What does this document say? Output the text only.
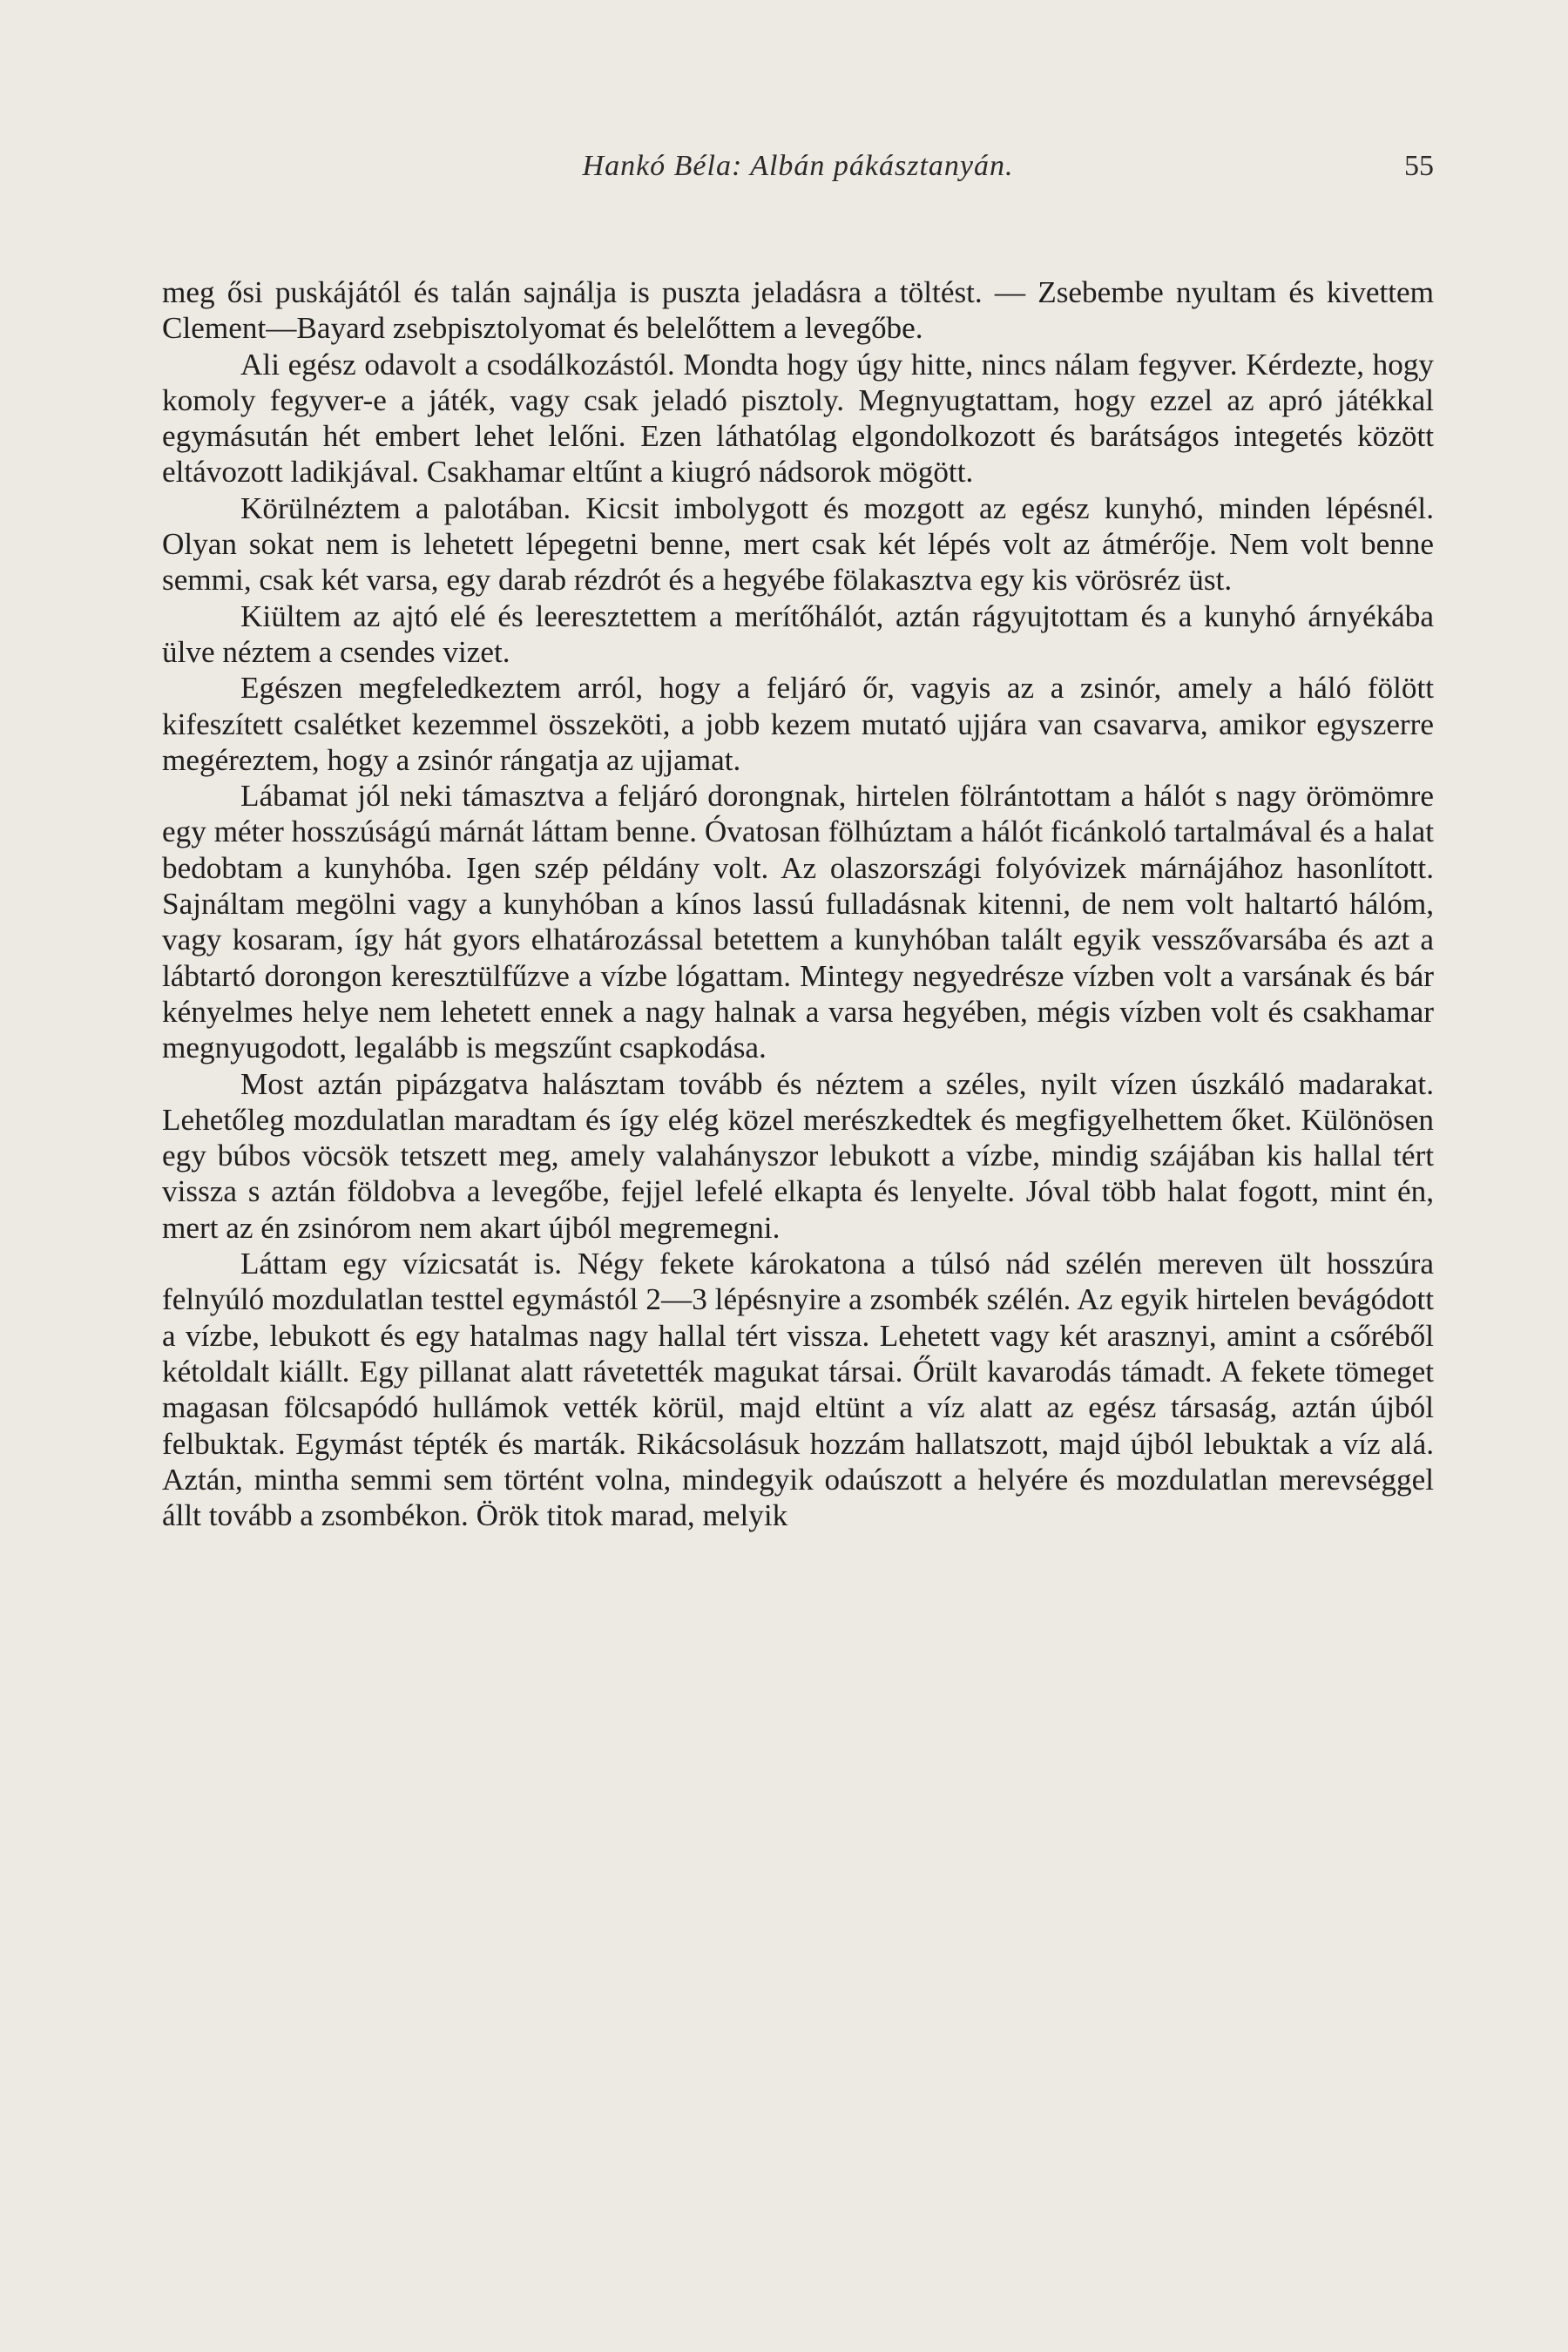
Hankó Béla: Albán pákásztanyán.	55

meg ősi puskájától és talán sajnálja is puszta jeladásra a töltést. — Zsebembe nyultam és kivettem Clement—Bayard zsebpisztolyomat és belelőttem a levegőbe.

Ali egész odavolt a csodálkozástól. Mondta hogy úgy hitte, nincs nálam fegyver. Kérdezte, hogy komoly fegyver-e a játék, vagy csak jeladó pisztoly. Megnyugtattam, hogy ezzel az apró játékkal egymásután hét embert lehet lelőni. Ezen láthatólag elgondolkozott és barátságos integetés között eltávozott ladikjával. Csakhamar eltűnt a kiugró nádsorok mögött.

Körülnéztem a palotában. Kicsit imbolygott és mozgott az egész kunyhó, minden lépésnél. Olyan sokat nem is lehetett lépegetni benne, mert csak két lépés volt az átmérője. Nem volt benne semmi, csak két varsa, egy darab rézdrót és a hegyébe fölakasztva egy kis vörösréz üst.

Kiültem az ajtó elé és leeresztettem a merítőhálót, aztán rágyujtottam és a kunyhó árnyékába ülve néztem a csendes vizet.

Egészen megfeledkeztem arról, hogy a feljáró őr, vagyis az a zsinór, amely a háló fölött kifeszített csalétket kezemmel összeköti, a jobb kezem mutató ujjára van csavarva, amikor egyszerre megéreztem, hogy a zsinór rángatja az ujjamat.

Lábamat jól neki támasztva a feljáró dorongnak, hirtelen fölrántottam a hálót s nagy örömömre egy méter hosszúságú márnát láttam benne. Óvatosan fölhúztam a hálót ficánkoló tartalmával és a halat bedobtam a kunyhóba. Igen szép példány volt. Az olaszországi folyóvizek márnájához hasonlított. Sajnáltam megölni vagy a kunyhóban a kínos lassú fulladásnak kitenni, de nem volt haltartó hálóm, vagy kosaram, így hát gyors elhatározással betettem a kunyhóban talált egyik vesszővarsába és azt a lábtartó dorongon keresztülfűzve a vízbe lógattam. Mintegy negyedrésze vízben volt a varsának és bár kényelmes helye nem lehetett ennek a nagy halnak a varsa hegyében, mégis vízben volt és csakhamar megnyugodott, legalább is megszűnt csapkodása.

Most aztán pipázgatva halásztam tovább és néztem a széles, nyilt vízen úszkáló madarakat. Lehetőleg mozdulatlan maradtam és így elég közel merészkedtek és megfigyelhettem őket. Különösen egy búbos vöcsök tetszett meg, amely valahányszor lebukott a vízbe, mindig szájában kis hallal tért vissza s aztán földobva a levegőbe, fejjel lefelé elkapta és lenyelte. Jóval több halat fogott, mint én, mert az én zsinórom nem akart újból megremegni.

Láttam egy vízicsatát is. Négy fekete károkatona a túlsó nád szélén mereven ült hosszúra felnyúló mozdulatlan testtel egymástól 2—3 lépésnyire a zsombék szélén. Az egyik hirtelen bevágódott a vízbe, lebukott és egy hatalmas nagy hallal tért vissza. Lehetett vagy két arasznyi, amint a csőréből kétoldalt kiállt. Egy pillanat alatt rávetették magukat társai. Őrült kavarodás támadt. A fekete tömeget magasan fölcsapódó hullámok vették körül, majd eltünt a víz alatt az egész társaság, aztán újból felbuktak. Egymást tépték és marták. Rikácsolásuk hozzám hallatszott, majd újból lebuktak a víz alá. Aztán, mintha semmi sem történt volna, mindegyik odaúszott a helyére és mozdulatlan merevséggel állt tovább a zsombékon. Örök titok marad, melyik
